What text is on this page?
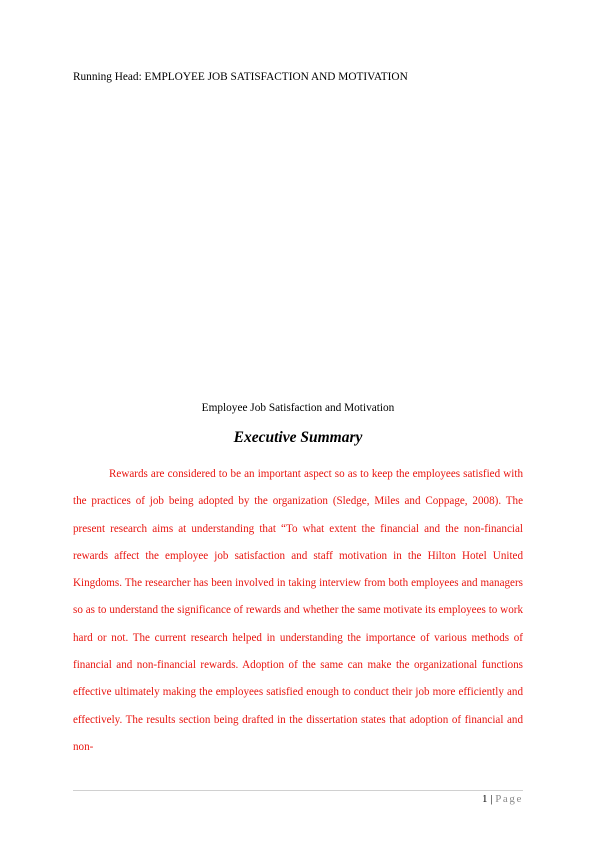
Running Head: EMPLOYEE JOB SATISFACTION AND MOTIVATION
Employee Job Satisfaction and Motivation
Executive Summary

Rewards are considered to be an important aspect so as to keep the employees satisfied with the practices of job being adopted by the organization (Sledge, Miles and Coppage, 2008). The present research aims at understanding that “To what extent the financial and the non-financial rewards affect the employee job satisfaction and staff motivation in the Hilton Hotel United Kingdoms. The researcher has been involved in taking interview from both employees and managers so as to understand the significance of rewards and whether the same motivate its employees to work hard or not. The current research helped in understanding the importance of various methods of financial and non-financial rewards. Adoption of the same can make the organizational functions effective ultimately making the employees satisfied enough to conduct their job more efficiently and effectively. The results section being drafted in the dissertation states that adoption of financial and non-

1 | Page
